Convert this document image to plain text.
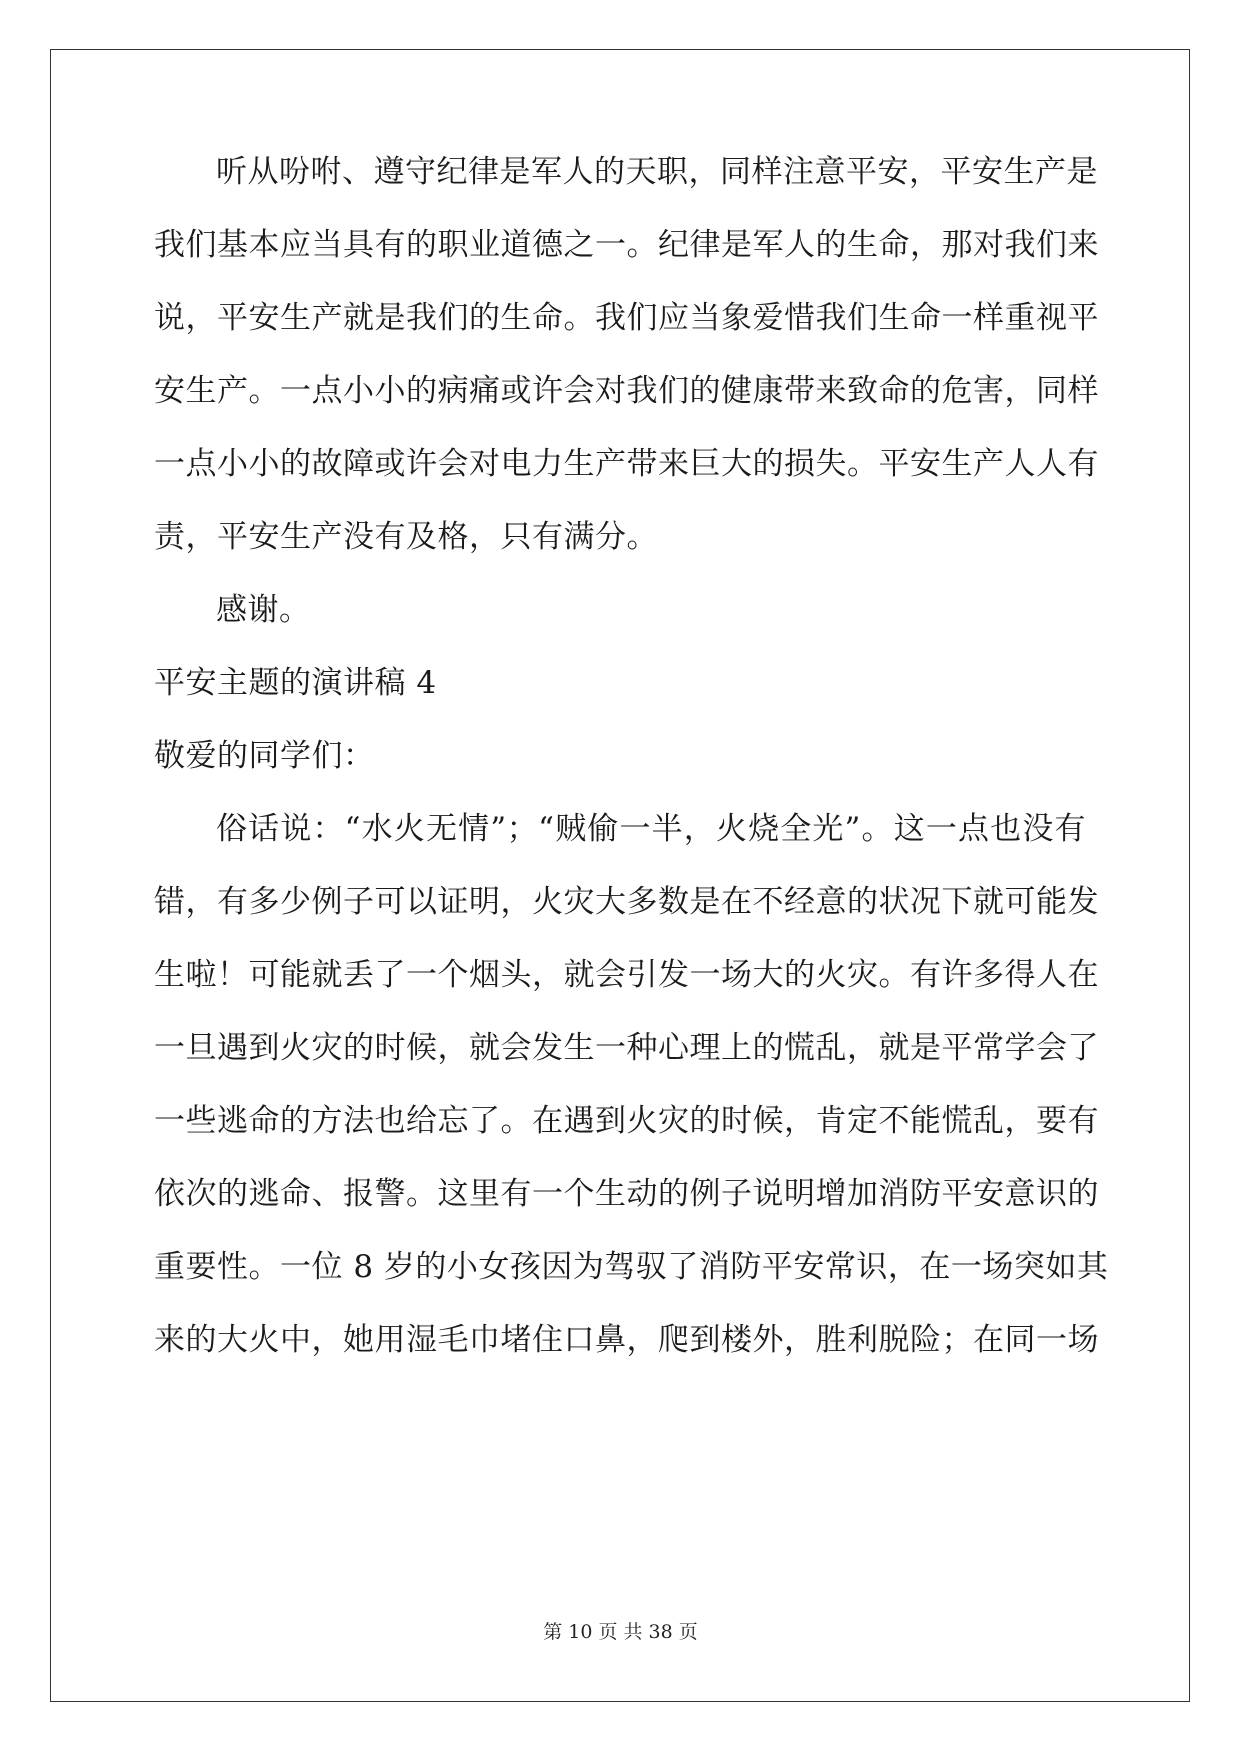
听从吩咐、遵守纪律是军人的天职，同样注意平安，平安生产是
我们基本应当具有的职业道德之一。纪律是军人的生命，那对我们来
说，平安生产就是我们的生命。我们应当象爱惜我们生命一样重视平
安生产。一点小小的病痛或许会对我们的健康带来致命的危害，同样
一点小小的故障或许会对电力生产带来巨大的损失。平安生产人人有
责，平安生产没有及格，只有满分。
感谢。
平安主题的演讲稿 4
敬爱的同学们：
俗话说：“水火无情”；“贼偷一半，火烧全光”。这一点也没有
错，有多少例子可以证明，火灾大多数是在不经意的状况下就可能发
生啦！可能就丢了一个烟头，就会引发一场大的火灾。有许多得人在
一旦遇到火灾的时候，就会发生一种心理上的慌乱，就是平常学会了
一些逃命的方法也给忘了。在遇到火灾的时候，肯定不能慌乱，要有
依次的逃命、报警。这里有一个生动的例子说明增加消防平安意识的
重要性。一位 8 岁的小女孩因为驾驭了消防平安常识，在一场突如其
来的大火中，她用湿毛巾堵住口鼻，爬到楼外，胜利脱险；在同一场
第 10 页 共 38 页
